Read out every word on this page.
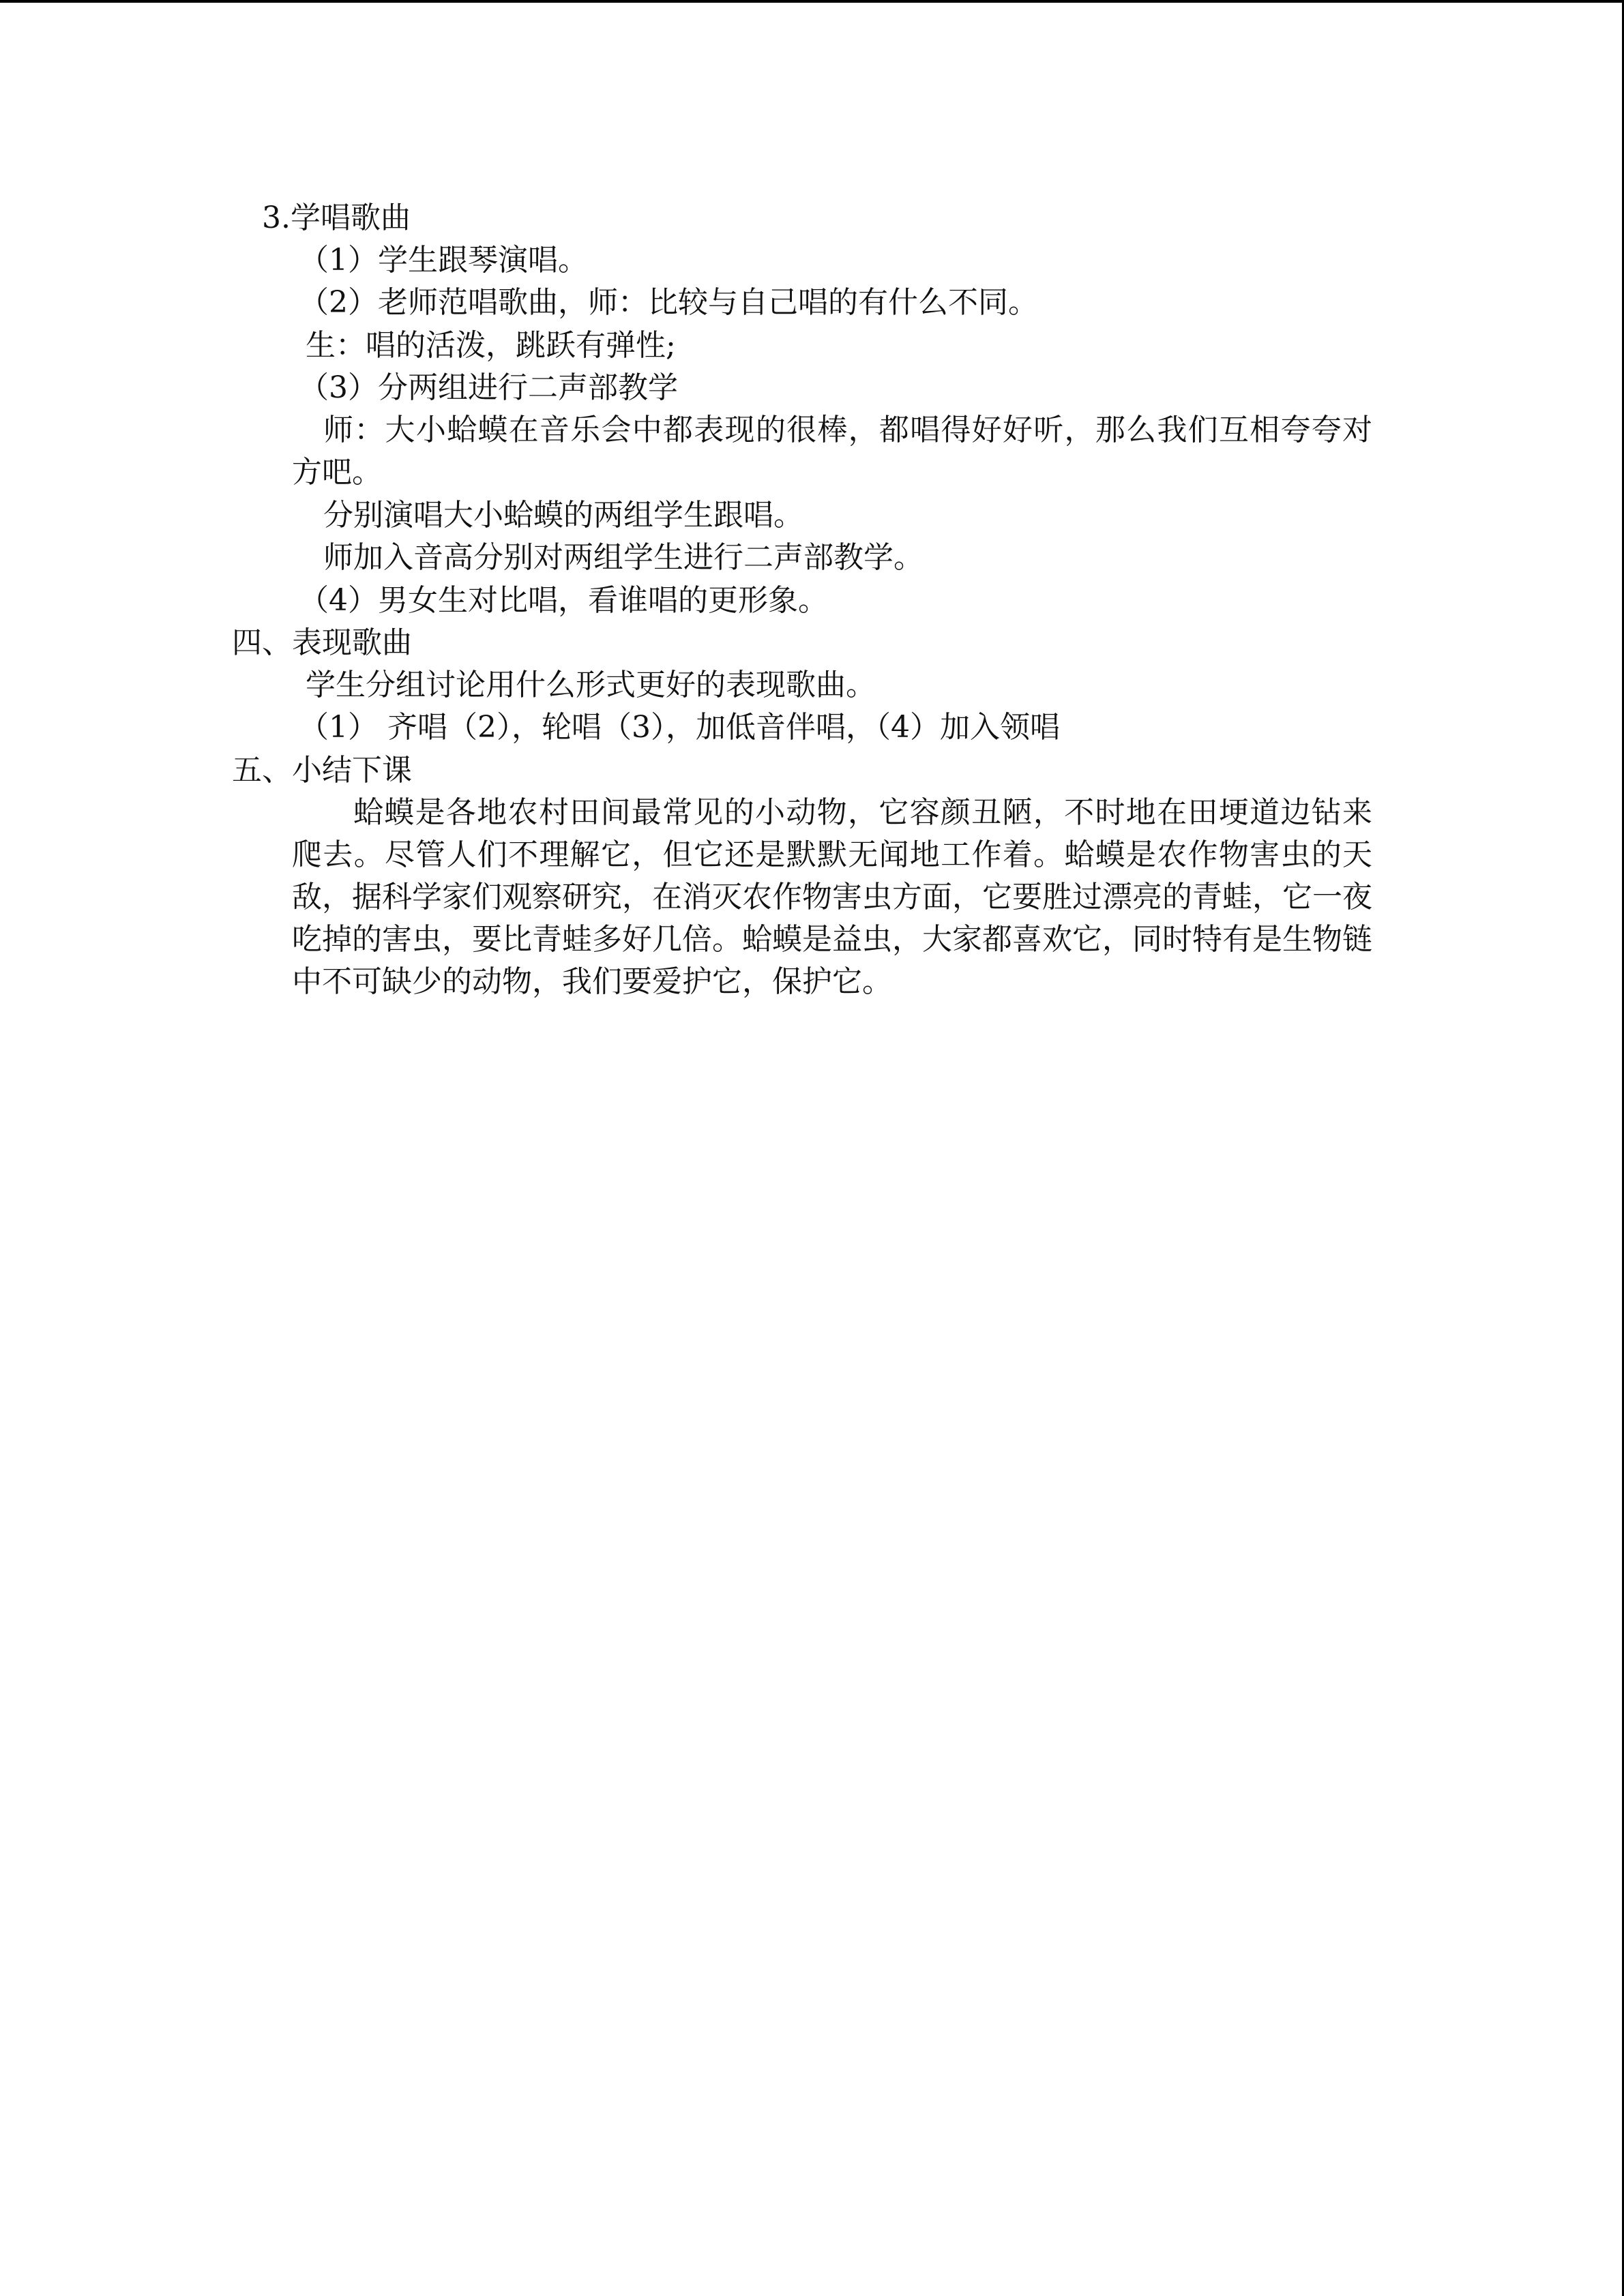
3.学唱歌曲
（1）学生跟琴演唱。
（2）老师范唱歌曲，师：比较与自己唱的有什么不同。
生：唱的活泼，跳跃有弹性;
（3）分两组进行二声部教学
师：大小蛤蟆在音乐会中都表现的很棒，都唱得好好听，那么我们互相夸夸对方吧。
分别演唱大小蛤蟆的两组学生跟唱。
师加入音高分别对两组学生进行二声部教学。
（4）男女生对比唱，看谁唱的更形象。
四、表现歌曲
学生分组讨论用什么形式更好的表现歌曲。
（1） 齐唱（2），轮唱（3），加低音伴唱，（4）加入领唱
五、小结下课
蛤蟆是各地农村田间最常见的小动物，它容颜丑陋，不时地在田埂道边钻来爬去。尽管人们不理解它，但它还是默默无闻地工作着。蛤蟆是农作物害虫的天敌，据科学家们观察研究，在消灭农作物害虫方面，它要胜过漂亮的青蛙，它一夜吃掉的害虫，要比青蛙多好几倍。蛤蟆是益虫，大家都喜欢它，同时特有是生物链中不可缺少的动物，我们要爱护它，保护它。
